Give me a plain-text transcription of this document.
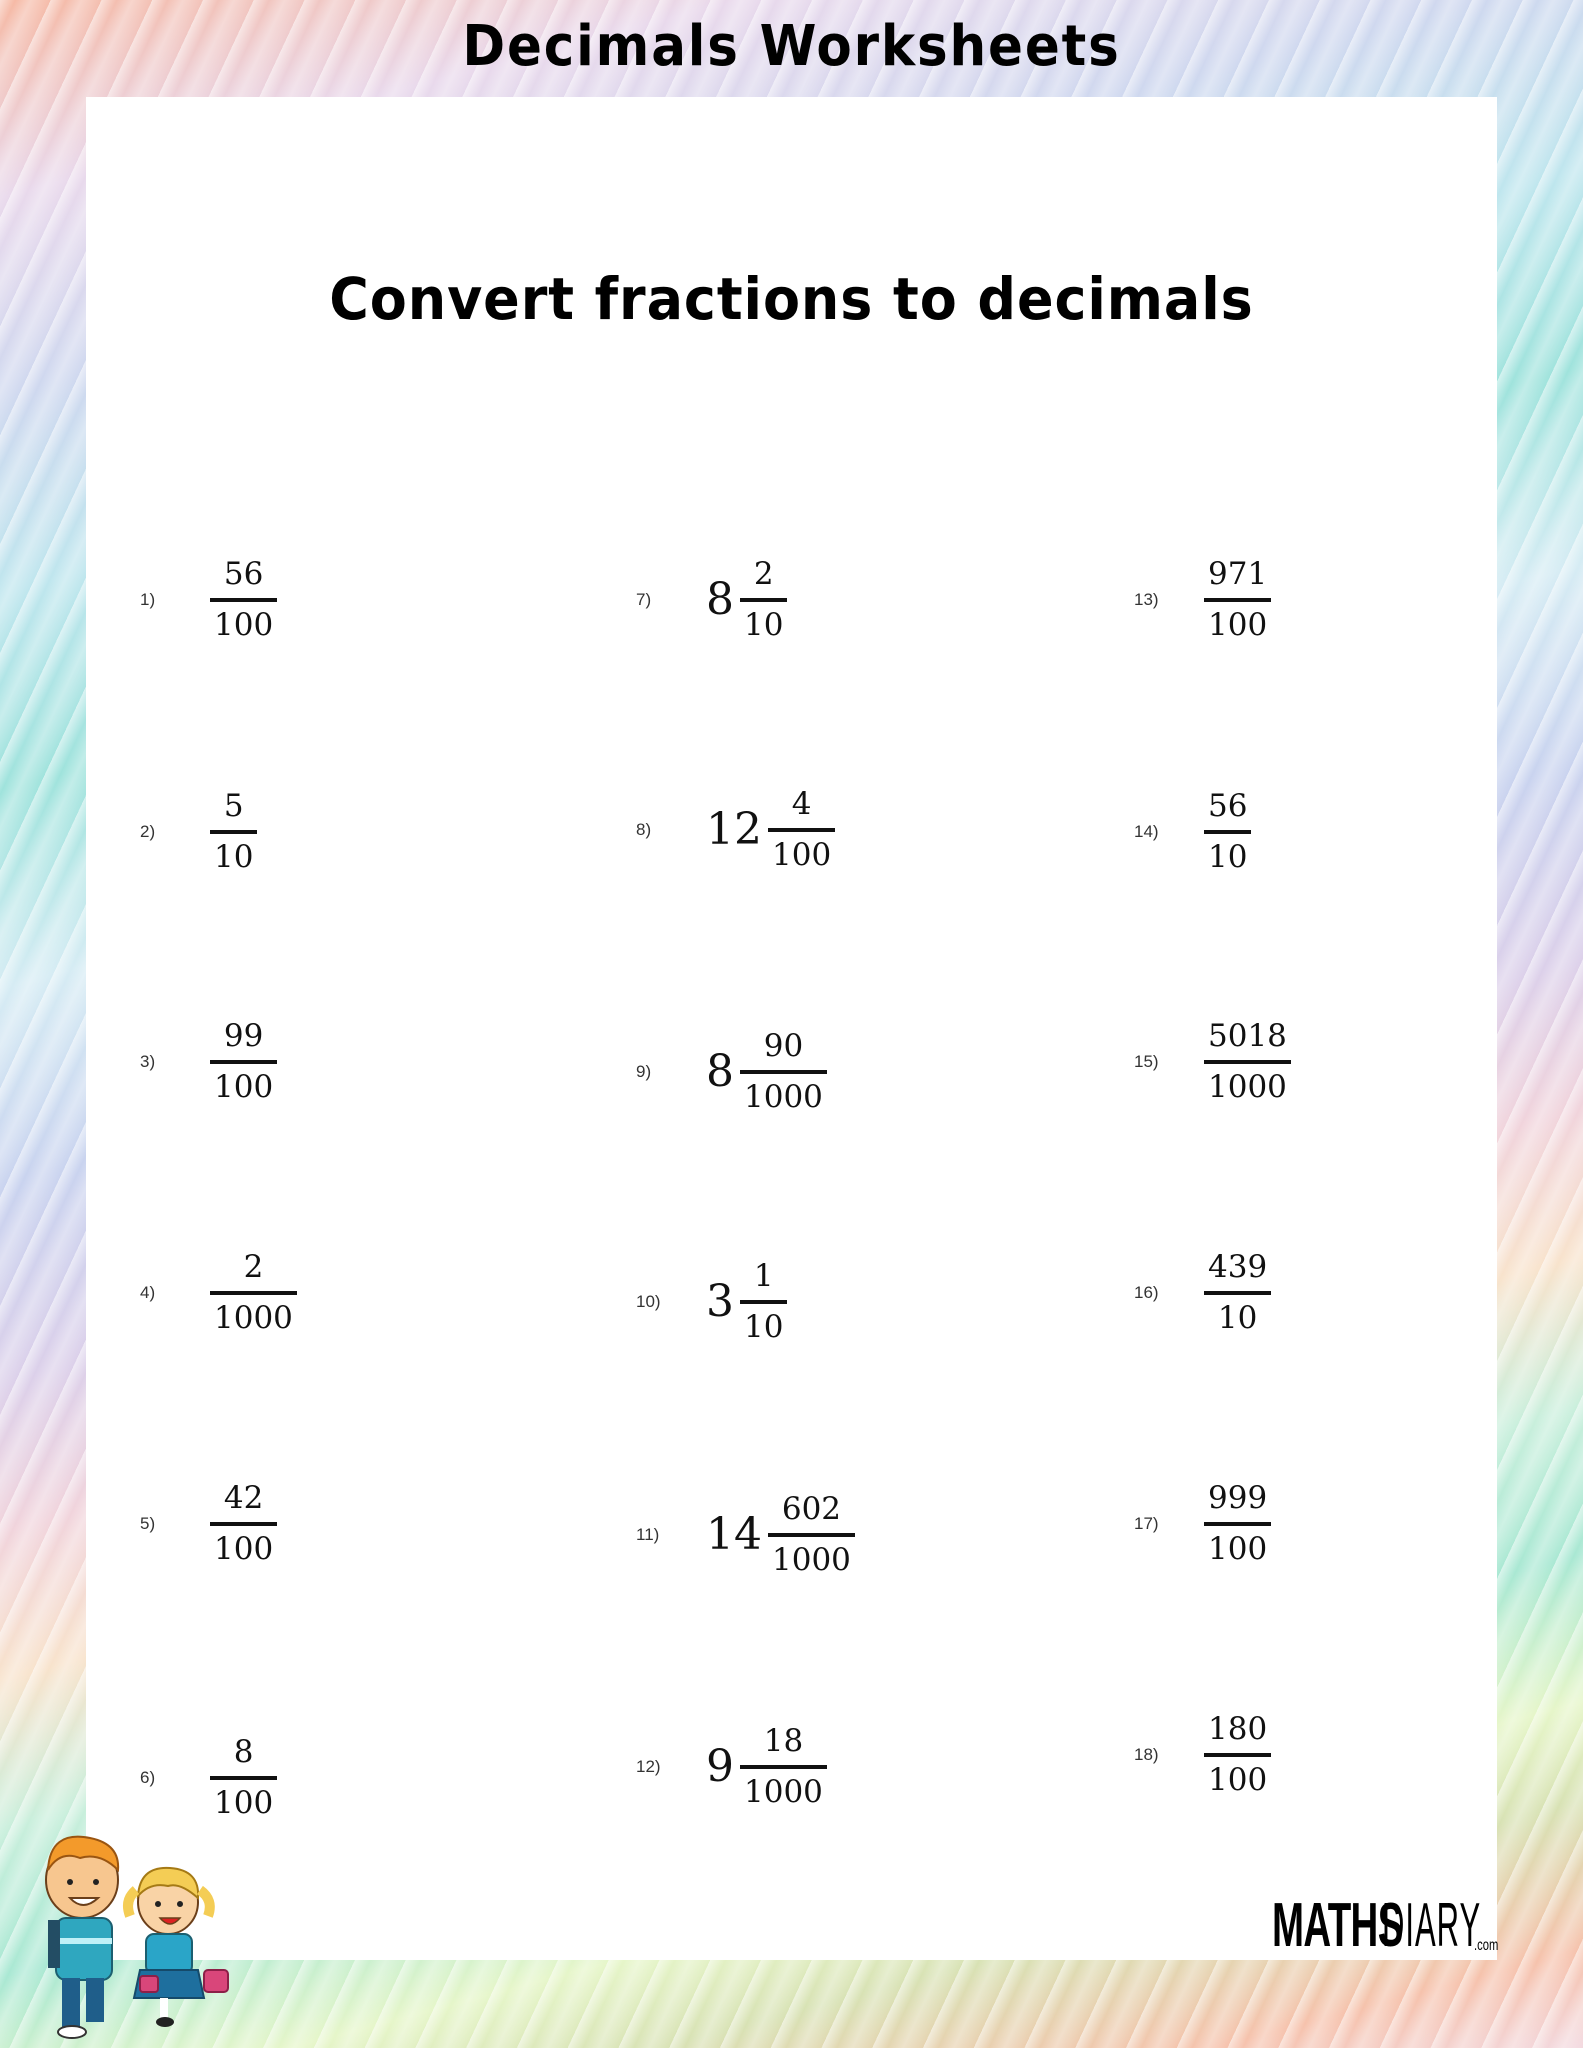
Decimals Worksheets
Convert fractions to decimals
1)	$\frac{56}{100}$
2)	$\frac{5}{10}$
3)	$\frac{99}{100}$
4)	$\frac{2}{1000}$
5)	$\frac{42}{100}$
6)	$\frac{8}{100}$
7)	$8 \frac{2}{10}$
8)	$12 \frac{4}{100}$
9)	$8 \frac{90}{1000}$
10)	$3 \frac{1}{10}$
11)	$14 \frac{602}{1000}$
12)	$9 \frac{18}{1000}$
13)	$\frac{971}{100}$
14)	$\frac{56}{10}$
15)	$\frac{5018}{1000}$
16)	$\frac{439}{10}$
17)	$\frac{999}{100}$
18)	$\frac{180}{100}$
MATHS
DIARY
.com
